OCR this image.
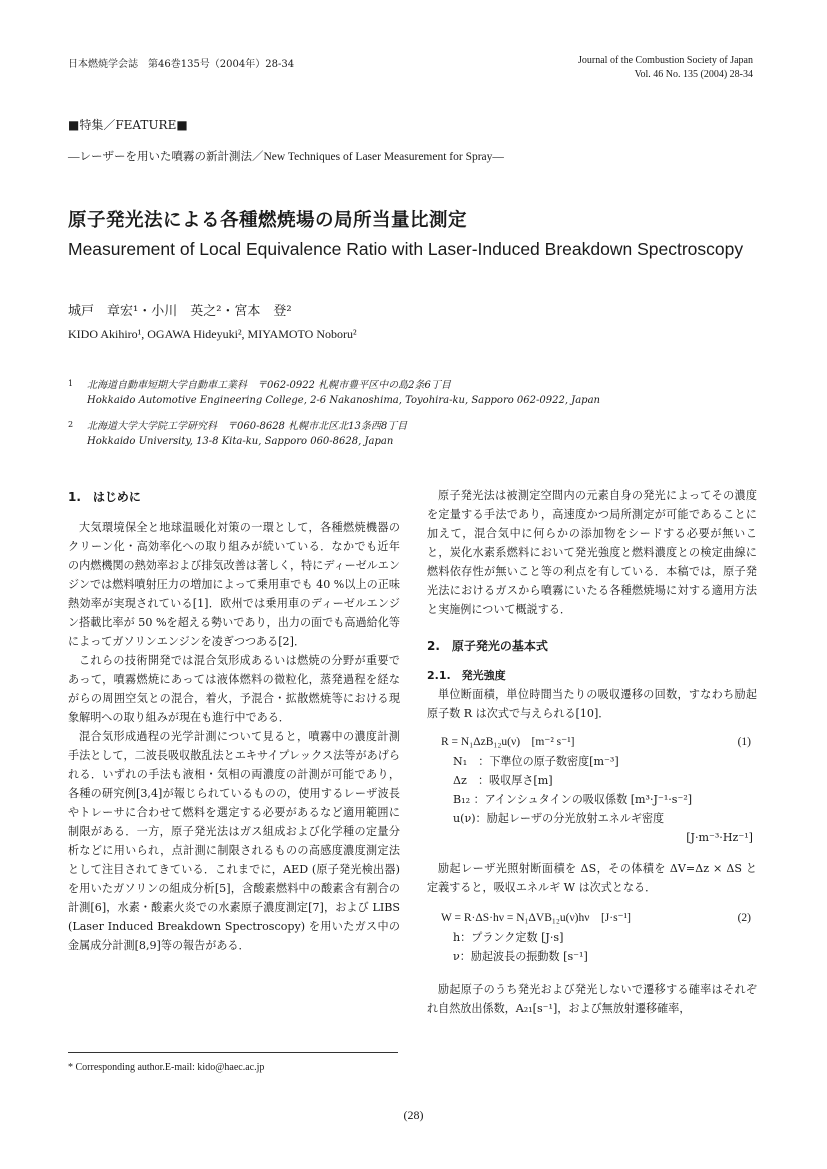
日本燃焼学会誌　第46巻135号（2004年）28-34	Journal of the Combustion Society of Japan
Vol. 46 No. 135 (2004) 28-34
■特集／FEATURE■
—レーザーを用いた噴霧の新計測法／New Techniques of Laser Measurement for Spray—
原子発光法による各種燃焼場の局所当量比測定
Measurement of Local Equivalence Ratio with Laser-Induced Breakdown Spectroscopy
城戸　章宏¹・小川　英之²・宮本　登²
KIDO Akihiro¹, OGAWA Hideyuki², MIYAMOTO Noboru²
1 北海道自動車短期大学自動車工業科　〒062-0922 札幌市豊平区中の島2条6丁目
Hokkaido Automotive Engineering College, 2-6 Nakanoshima, Toyohira-ku, Sapporo 062-0922, Japan
2 北海道大学大学院工学研究科　〒060-8628 札幌市北区北13条西8丁目
Hokkaido University, 13-8 Kita-ku, Sapporo 060-8628, Japan
1.　はじめに

大気環境保全と地球温暖化対策の一環として，各種燃焼機器のクリーン化・高効率化への取り組みが続いている．なかでも近年の内燃機関の熱効率および排気改善は著しく，特にディーゼルエンジンでは燃料噴射圧力の増加によって乗用車でも 40 %以上の正味熱効率が実現されている[1]．欧州では乗用車のディーゼルエンジン搭載比率が 50 %を超える勢いであり，出力の面でも高過給化等によってガソリンエンジンを凌ぎつつある[2]．

これらの技術開発では混合気形成あるいは燃焼の分野が重要であって，噴霧燃焼にあっては液体燃料の微粒化，蒸発過程を経ながらの周囲空気との混合，着火，予混合・拡散燃焼等における現象解明への取り組みが現在も進行中である．

混合気形成過程の光学計測について見ると，噴霧中の濃度計測手法として，二波長吸収散乱法とエキサイプレックス法等があげられる．いずれの手法も液相・気相の両濃度の計測が可能であり，各種の研究例[3,4]が報じられているものの，使用するレーザ波長やトレーサに合わせて燃料を選定する必要があるなど適用範囲に制限がある．一方，原子発光法はガス組成および化学種の定量分析などに用いられ，点計測に制限されるものの高感度濃度測定法として注目されてきている．これまでに，AED (原子発光検出器) を用いたガソリンの組成分析[5]，含酸素燃料中の酸素含有割合の計測[6]，水素・酸素火炎での水素原子濃度測定[7]，および LIBS (Laser Induced Breakdown Spectroscopy) を用いたガス中の金属成分計測[8,9]等の報告がある．

原子発光法は被測定空間内の元素自身の発光によってその濃度を定量する手法であり，高速度かつ局所測定が可能であることに加えて，混合気中に何らかの添加物をシードする必要が無いこと，炭化水素系燃料において発光強度と燃料濃度との検定曲線に燃料依存性が無いこと等の利点を有している．本稿では，原子発光法におけるガスから噴霧にいたる各種燃焼場に対する適用方法と実施例について概説する．

2.　原子発光の基本式
2.1.　発光強度

単位断面積，単位時間当たりの吸収遷移の回数，すなわち励起原子数 R は次式で与えられる[10]．

R = N₁ΔzB₁₂u(ν)　[m⁻² s⁻¹]	(1)
N₁　：下準位の原子数密度[m⁻³]
Δz　：吸収厚さ[m]
B₁₂ ：アインシュタインの吸収係数 [m³·J⁻¹·s⁻²]
u(ν)：励起レーザの分光放射エネルギ密度
[J·m⁻³·Hz⁻¹]

励起レーザ光照射断面積を ΔS，その体積を ΔV=Δz × ΔS と定義すると，吸収エネルギ W は次式となる．

W = R·ΔS·hν = N₁ΔVB₁₂u(ν)hν　[J·s⁻¹]	(2)
h：プランク定数 [J·s]
ν：励起波長の振動数 [s⁻¹]

励起原子のうち発光および発光しないで遷移する確率はそれぞれ自然放出係数，A₂₁[s⁻¹]，および無放射遷移確率，

* Corresponding author.E-mail: kido@haec.ac.jp
(28)
